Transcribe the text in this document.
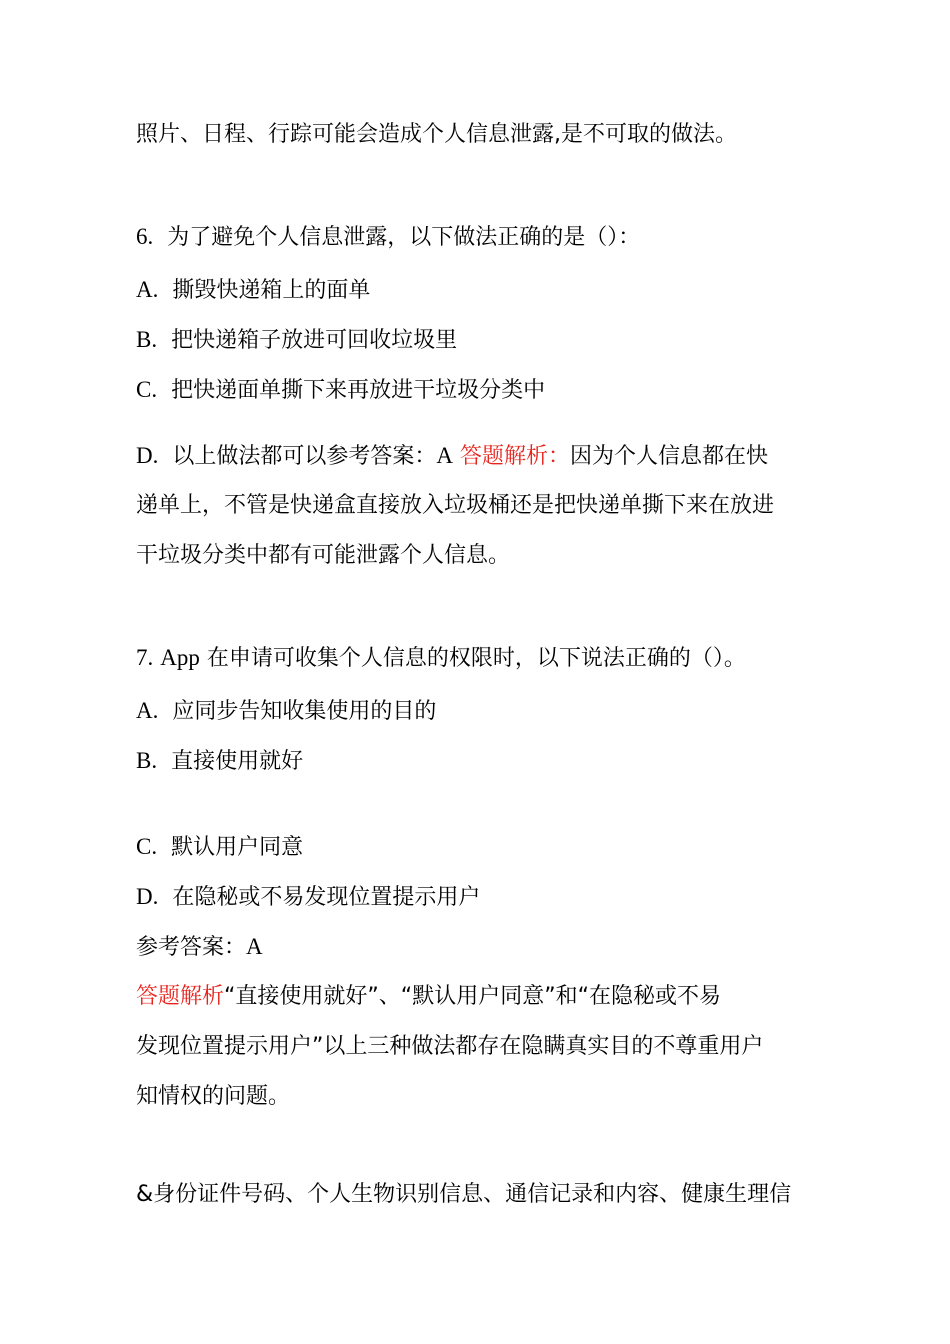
照片、日程、行踪可能会造成个人信息泄露,是不可取的做法。
6. 为了避免个人信息泄露，以下做法正确的是（）：
A. 撕毁快递箱上的面单
B. 把快递箱子放进可回收垃圾里
C. 把快递面单撕下来再放进干垃圾分类中
D. 以上做法都可以参考答案：A 答题解析：因为个人信息都在快
递单上，不管是快递盒直接放入垃圾桶还是把快递单撕下来在放进
干垃圾分类中都有可能泄露个人信息。
7. App 在申请可收集个人信息的权限时，以下说法正确的（）。
A. 应同步告知收集使用的目的
B. 直接使用就好
C. 默认用户同意
D. 在隐秘或不易发现位置提示用户
参考答案：A
答题解析“直接使用就好”、“默认用户同意”和“在隐秘或不易
发现位置提示用户”以上三种做法都存在隐瞒真实目的不尊重用户
知情权的问题。
&身份证件号码、个人生物识别信息、通信记录和内容、健康生理信
